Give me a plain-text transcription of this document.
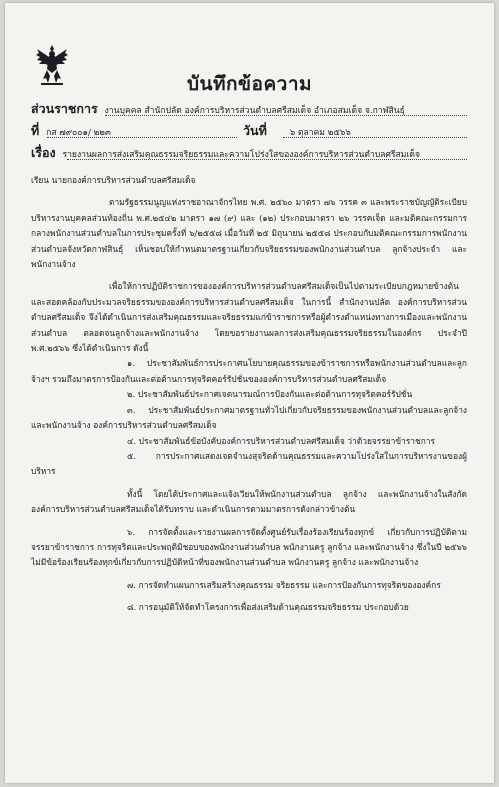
บันทึกข้อความ
ส่วนราชการ งานบุคคล สำนักปลัด องค์การบริหารส่วนตำบลศรีสมเด็จ อำเภอสมเด็จ จ.กาฬสินธุ์
ที่ กส ๗๙๐๐๑/ ๒๒๓	วันที่	๖ ตุลาคม ๒๕๖๖
เรื่อง รายงานผลการส่งเสริมคุณธรรมจริยธรรมและความโปร่งใสขององค์การบริหารส่วนตำบลศรีสมเด็จ

เรียน นายกองค์การบริหารส่วนตำบลศรีสมเด็จ

ตามรัฐธรรมนูญแห่งราชอาณาจักรไทย พ.ศ. ๒๕๖๐ มาตรา ๗๖ วรรค ๓ และพระราชบัญญัติระเบียบบริหารงานบุคคลส่วนท้องถิ่น พ.ศ.๒๕๔๒ มาตรา ๑๗ (๙) และ (๑๒) ประกอบมาตรา ๒๖ วรรคเจ็ด และมติคณะกรรมการกลางพนักงานส่วนตำบลในการประชุมครั้งที่ ๖/๒๕๕๘ เมื่อวันที่ ๒๕ มิถุนายน ๒๕๕๘ ประกอบกับมติคณะกรรมการพนักงานส่วนตำบลจังหวัดกาฬสินธุ์ เห็นชอบให้กำหนดมาตรฐานเกี่ยวกับจริยธรรมของพนักงานส่วนตำบล ลูกจ้างประจำ และพนักงานจ้าง

เพื่อให้การปฏิบัติราชการขององค์การบริหารส่วนตำบลศรีสมเด็จเป็นไปตามระเบียบกฎหมายข้างต้นและสอดคล้องกับประมวลจริยธรรมขององค์การบริหารส่วนตำบลศรีสมเด็จ ในการนี้ สำนักงานปลัด องค์การบริหารส่วนตำบลศรีสมเด็จ จึงได้ดำเนินการส่งเสริมคุณธรรมและจริยธรรมแก่ข้าราชการหรือผู้ดำรงตำแหน่งทางการเมืองและพนักงานส่วนตำบล ตลอดจนลูกจ้างและพนักงานจ้าง โดยขอรายงานผลการส่งเสริมคุณธรรมจริยธรรมในองค์กร ประจำปี พ.ศ.๒๕๖๖ ซึ่งได้ดำเนินการ ดังนี้

๑. ประชาสัมพันธ์การประกาศนโยบายคุณธรรมของข้าราชการหรือพนักงานส่วนตำบลและลูกจ้างฯ รวมถึงมาตรการป้องกันและต่อต้านการทุจริตคอร์รัปชั่นขององค์การบริหารส่วนตำบลศรีสมเด็จ

๒. ประชาสัมพันธ์ประกาศเจตนารมณ์การป้องกันและต่อต้านการทุจริตคอร์รัปชั่น

๓. ประชาสัมพันธ์ประกาศมาตรฐานทั่วไปเกี่ยวกับจริยธรรมของพนักงานส่วนตำบลและลูกจ้าง และพนักงานจ้าง องค์การบริหารส่วนตำบลศรีสมเด็จ

๔. ประชาสัมพันธ์ข้อบังคับองค์การบริหารส่วนตำบลศรีสมเด็จ ว่าด้วยจรรยาข้าราชการ

๕. การประกาศแสดงเจตจำนงสุจริตด้านคุณธรรมและความโปร่งใสในการบริหารงานของผู้บริหาร

ทั้งนี้ โดยได้ประกาศและแจ้งเวียนให้พนักงานส่วนตำบล ลูกจ้าง และพนักงานจ้างในสังกัดองค์การบริหารส่วนตำบลศรีสมเด็จได้รับทราบ และดำเนินการตามมาตรการดังกล่าวข้างต้น

๖. การจัดตั้งและรายงานผลการจัดตั้งศูนย์รับเรื่องร้องเรียนร้องทุกข์ เกี่ยวกับการปฏิบัติตามจรรยาข้าราชการ การทุจริตและประพฤติมิชอบของพนักงานส่วนตำบล พนักงานครู ลูกจ้าง และพนักงานจ้าง ซึ่งในปี ๒๕๖๖ ไม่มีข้อร้องเรียนร้องทุกข์เกี่ยวกับการปฏิบัติหน้าที่ของพนักงานส่วนตำบล พนักงานครู ลูกจ้าง และพนักงานจ้าง

๗. การจัดทำแผนการเสริมสร้างคุณธรรม จริยธรรม และการป้องกันการทุจริตขององค์กร

๘. การอนุมัติให้จัดทำโครงการเพื่อส่งเสริมด้านคุณธรรมจริยธรรม ประกอบด้วย
